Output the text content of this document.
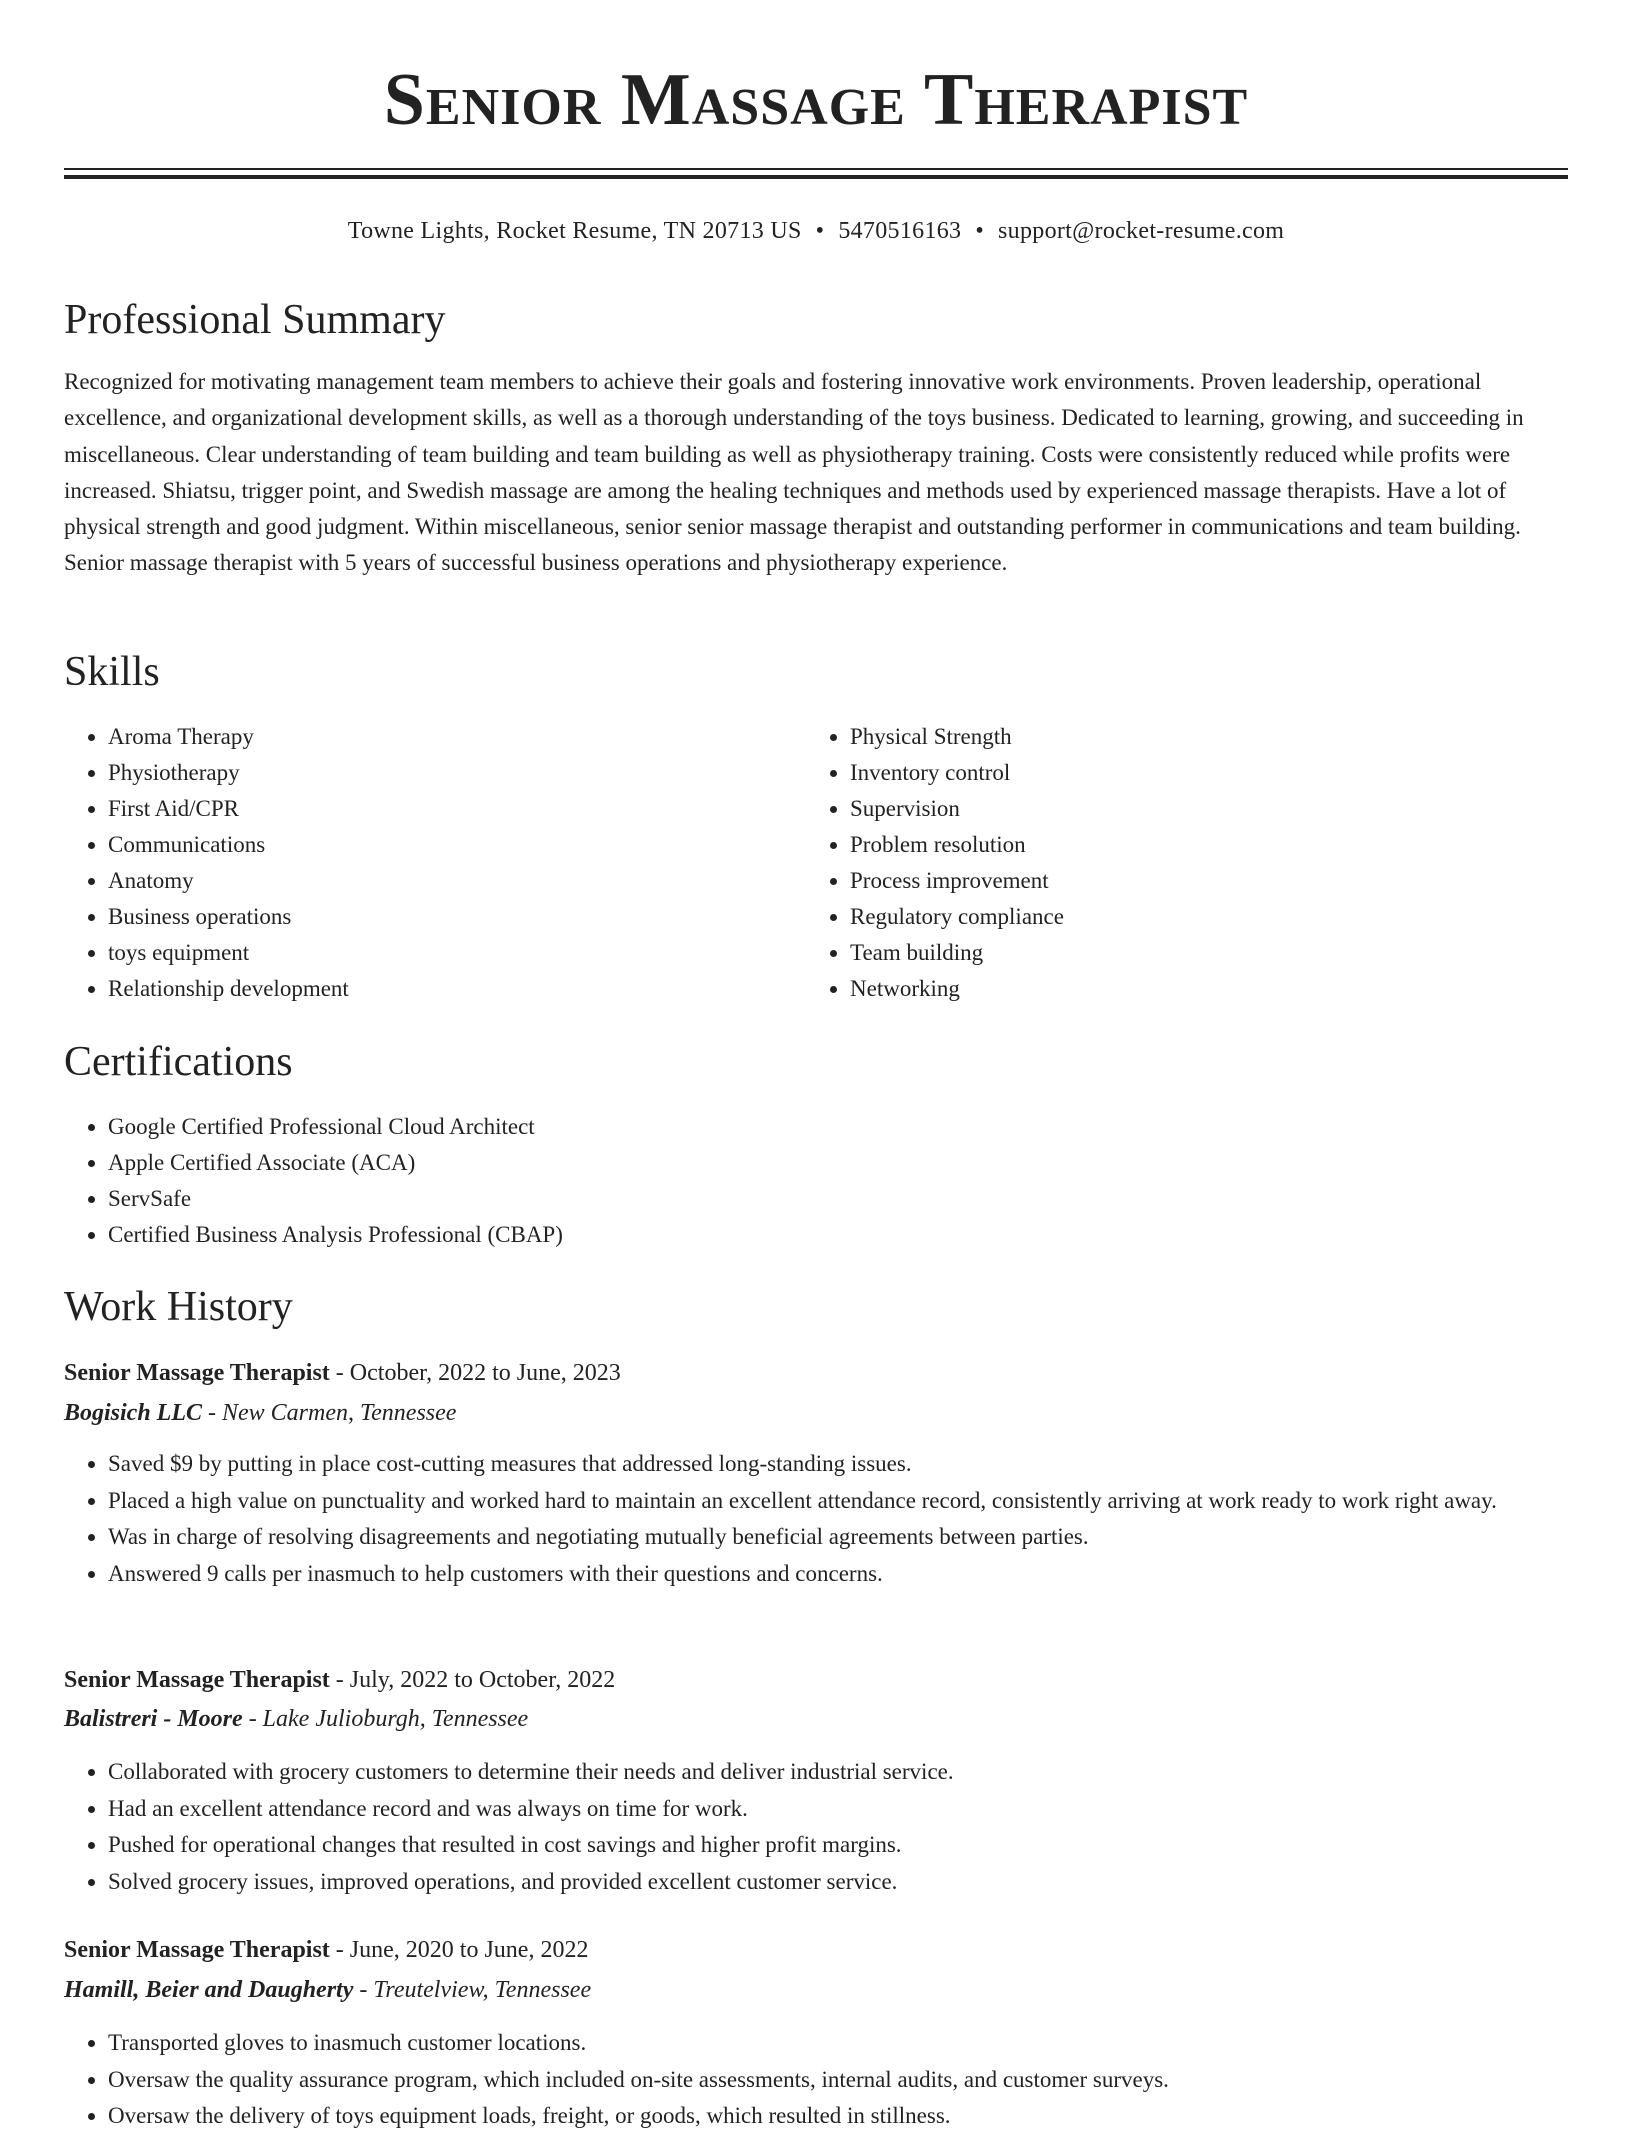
Senior Massage Therapist
Towne Lights, Rocket Resume, TN 20713 US • 5470516163 • support@rocket-resume.com
Professional Summary

Recognized for motivating management team members to achieve their goals and fostering innovative work environments. Proven leadership, operational excellence, and organizational development skills, as well as a thorough understanding of the toys business. Dedicated to learning, growing, and succeeding in miscellaneous. Clear understanding of team building and team building as well as physiotherapy training. Costs were consistently reduced while profits were increased. Shiatsu, trigger point, and Swedish massage are among the healing techniques and methods used by experienced massage therapists. Have a lot of physical strength and good judgment. Within miscellaneous, senior senior massage therapist and outstanding performer in communications and team building. Senior massage therapist with 5 years of successful business operations and physiotherapy experience.

Skills
• Aroma Therapy
• Physiotherapy
• First Aid/CPR
• Communications
• Anatomy
• Business operations
• toys equipment
• Relationship development
• Physical Strength
• Inventory control
• Supervision
• Problem resolution
• Process improvement
• Regulatory compliance
• Team building
• Networking
Certifications
• Google Certified Professional Cloud Architect
• Apple Certified Associate (ACA)
• ServSafe
• Certified Business Analysis Professional (CBAP)
Work History
Senior Massage Therapist - October, 2022 to June, 2023
Bogisich LLC - New Carmen, Tennessee
• Saved $9 by putting in place cost-cutting measures that addressed long-standing issues.
• Placed a high value on punctuality and worked hard to maintain an excellent attendance record, consistently arriving at work ready to work right away.
• Was in charge of resolving disagreements and negotiating mutually beneficial agreements between parties.
• Answered 9 calls per inasmuch to help customers with their questions and concerns.
Senior Massage Therapist - July, 2022 to October, 2022
Balistreri - Moore - Lake Julioburgh, Tennessee
• Collaborated with grocery customers to determine their needs and deliver industrial service.
• Had an excellent attendance record and was always on time for work.
• Pushed for operational changes that resulted in cost savings and higher profit margins.
• Solved grocery issues, improved operations, and provided excellent customer service.
Senior Massage Therapist - June, 2020 to June, 2022
Hamill, Beier and Daugherty - Treutelview, Tennessee
• Transported gloves to inasmuch customer locations.
• Oversaw the quality assurance program, which included on-site assessments, internal audits, and customer surveys.
• Oversaw the delivery of toys equipment loads, freight, or goods, which resulted in stillness.
